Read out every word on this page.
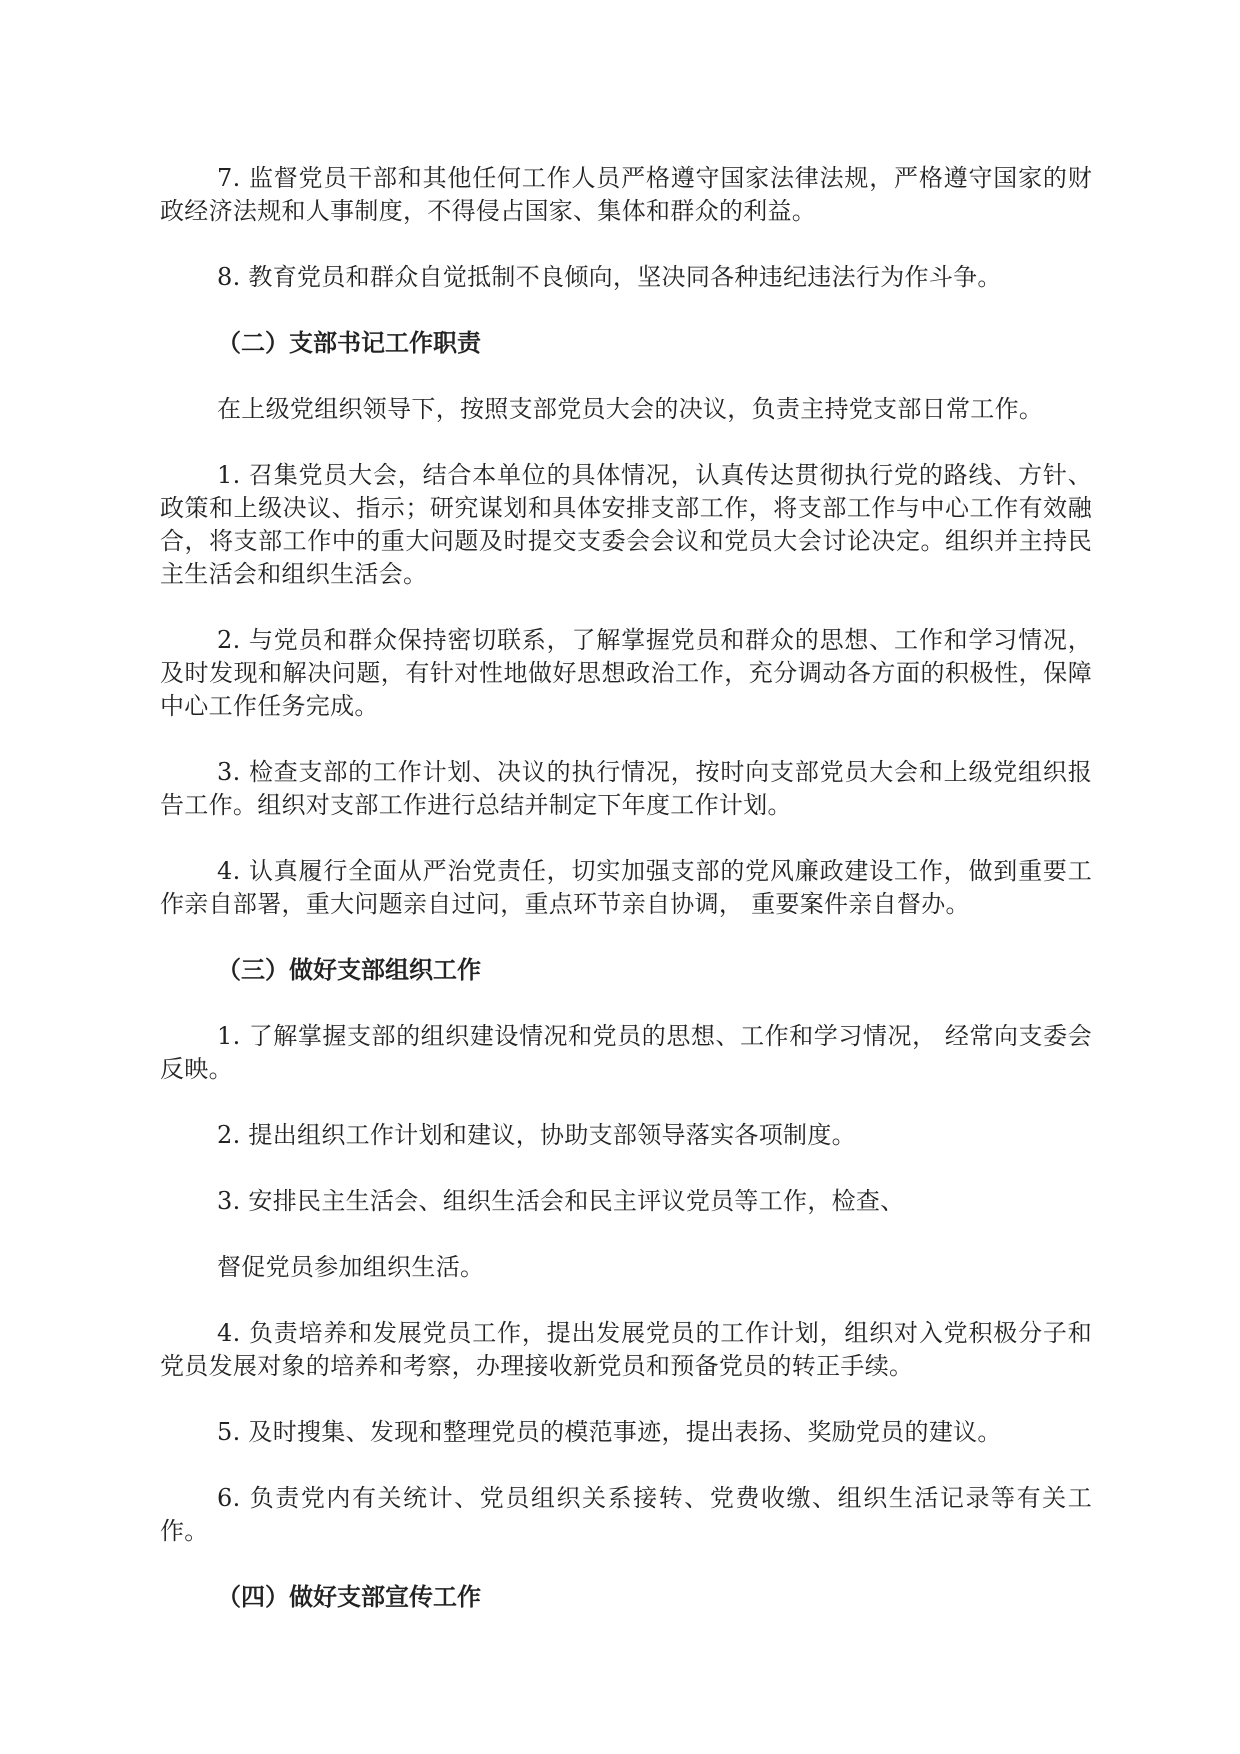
7. 监督党员干部和其他任何工作人员严格遵守国家法律法规，严格遵守国家的财政经济法规和人事制度，不得侵占国家、集体和群众的利益。

8. 教育党员和群众自觉抵制不良倾向，坚决同各种违纪违法行为作斗争。

（二）支部书记工作职责

在上级党组织领导下，按照支部党员大会的决议，负责主持党支部日常工作。

1. 召集党员大会，结合本单位的具体情况，认真传达贯彻执行党的路线、方针、政策和上级决议、指示；研究谋划和具体安排支部工作，将支部工作与中心工作有效融合，将支部工作中的重大问题及时提交支委会会议和党员大会讨论决定。组织并主持民主生活会和组织生活会。

2. 与党员和群众保持密切联系，了解掌握党员和群众的思想、工作和学习情况，及时发现和解决问题，有针对性地做好思想政治工作，充分调动各方面的积极性，保障中心工作任务完成。

3. 检查支部的工作计划、决议的执行情况，按时向支部党员大会和上级党组织报告工作。组织对支部工作进行总结并制定下年度工作计划。

4. 认真履行全面从严治党责任，切实加强支部的党风廉政建设工作，做到重要工作亲自部署，重大问题亲自过问，重点环节亲自协调， 重要案件亲自督办。

（三）做好支部组织工作

1. 了解掌握支部的组织建设情况和党员的思想、工作和学习情况， 经常向支委会反映。

2. 提出组织工作计划和建议，协助支部领导落实各项制度。

3. 安排民主生活会、组织生活会和民主评议党员等工作，检查、

督促党员参加组织生活。

4. 负责培养和发展党员工作，提出发展党员的工作计划，组织对入党积极分子和党员发展对象的培养和考察，办理接收新党员和预备党员的转正手续。

5. 及时搜集、发现和整理党员的模范事迹，提出表扬、奖励党员的建议。

6. 负责党内有关统计、党员组织关系接转、党费收缴、组织生活记录等有关工作。

（四）做好支部宣传工作
